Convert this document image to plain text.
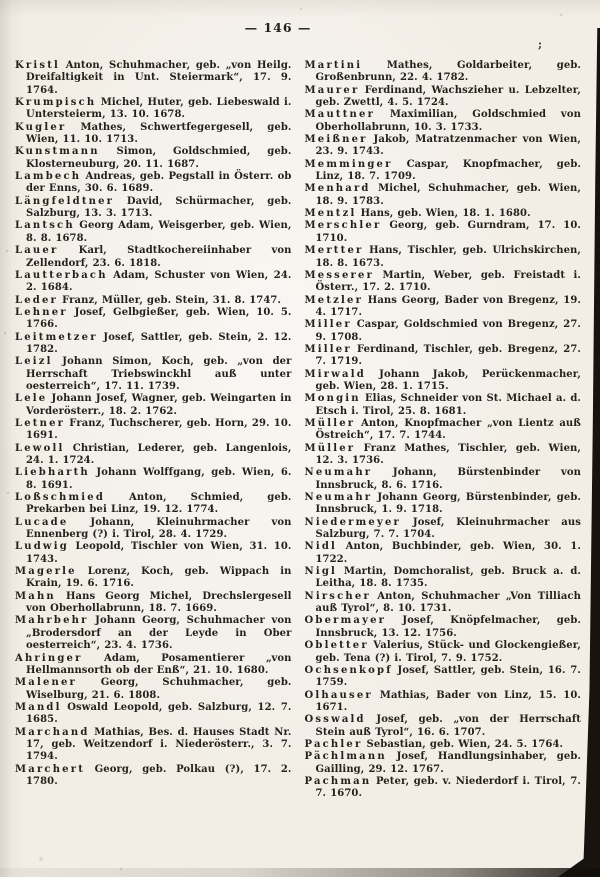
— 146 —

Kristl Anton, Schuhmacher, geb. „von Heilg. Dreifaltigkeit in Unt. Steiermark“, 17. 9. 1764.

Krumpisch Michel, Huter, geb. Liebeswald i. Untersteierm, 13. 10. 1678.

Kugler Mathes, Schwertfegergesell, geb. Wien, 11. 10. 1713.

Kunstmann Simon, Goldschmied, geb. Klosterneuburg, 20. 11. 1687.

Lambech Andreas, geb. Pegstall in Österr. ob der Enns, 30. 6. 1689.

Längfeldtner David, Schürmacher, geb. Salzburg, 13. 3. 1713.

Lantsch Georg Adam, Weisgerber, geb. Wien, 8. 8. 1678.

Lauer Karl, Stadtkochereiinhaber von Zellendorf, 23. 6. 1818.

Lautterbach Adam, Schuster von Wien, 24. 2. 1684.

Leder Franz, Müller, geb. Stein, 31. 8. 1747.

Lehner Josef, Gelbgießer, geb. Wien, 10. 5. 1766.

Leitmetzer Josef, Sattler, geb. Stein, 2. 12. 1782.

Leizl Johann Simon, Koch, geb. „von der Herrschaft Triebswinckhl auß unter oesterreich“, 17. 11. 1739.

Lele Johann Josef, Wagner, geb. Weingarten in Vorderösterr., 18. 2. 1762.

Letner Franz, Tuchscherer, geb. Horn, 29. 10. 1691.

Lewoll Christian, Lederer, geb. Langenlois, 24. 1. 1724.

Liebharth Johann Wolffgang, geb. Wien, 6. 8. 1691.

Loßschmied Anton, Schmied, geb. Prekarben bei Linz, 19. 12. 1774.

Lucade Johann, Kleinuhrmacher von Ennenberg (?) i. Tirol, 28. 4. 1729.

Ludwig Leopold, Tischler von Wien, 31. 10. 1743.

Magerle Lorenz, Koch, geb. Wippach in Krain, 19. 6. 1716.

Mahn Hans Georg Michel, Drechslergesell von Oberhollabrunn, 18. 7. 1669.

Mahrbehr Johann Georg, Schuhmacher von „Brodersdorf an der Leyde in Ober oesterreich“, 23. 4. 1736.

Ahringer Adam, Posamentierer „von Hellmannsorth ob der Enß“, 21. 10. 1680.

Malener Georg, Schuhmacher, geb. Wiselburg, 21. 6. 1808.

Mandl Oswald Leopold, geb. Salzburg, 12. 7. 1685.

Marchand Mathias, Bes. d. Hauses Stadt Nr. 17, geb. Weitzendorf i. Niederösterr., 3. 7. 1794.

Marchert Georg, geb. Polkau (?), 17. 2. 1780.

Martini Mathes, Goldarbeiter, geb. Großenbrunn, 22. 4. 1782.

Maurer Ferdinand, Wachszieher u. Lebzelter, geb. Zwettl, 4. 5. 1724.

Mauttner Maximilian, Goldschmied von Oberhollabrunn, 10. 3. 1733.

Meißner Jakob, Matratzenmacher von Wien, 23. 9. 1743.

Memminger Caspar, Knopfmacher, geb. Linz, 18. 7. 1709.

Menhard Michel, Schuhmacher, geb. Wien, 18. 9. 1783.

Mentzl Hans, geb. Wien, 18. 1. 1680.

Merschler Georg, geb. Gurndram, 17. 10. 1710.

Mertter Hans, Tischler, geb. Ulrichskirchen, 18. 8. 1673.

Messerer Martin, Weber, geb. Freistadt i. Österr., 17. 2. 1710.

Metzler Hans Georg, Bader von Bregenz, 19. 4. 1717.

Miller Caspar, Goldschmied von Bregenz, 27. 9. 1708.

Miller Ferdinand, Tischler, geb. Bregenz, 27. 7. 1719.

Mirwald Johann Jakob, Perückenmacher, geb. Wien, 28. 1. 1715.

Mongin Elias, Schneider von St. Michael a. d. Etsch i. Tirol, 25. 8. 1681.

Müller Anton, Knopfmacher „von Lientz auß Östreich“, 17. 7. 1744.

Müller Franz Mathes, Tischler, geb. Wien, 12. 3. 1736.

Neumahr Johann, Bürstenbinder von Innsbruck, 8. 6. 1716.

Neumahr Johann Georg, Bürstenbinder, geb. Innsbruck, 1. 9. 1718.

Niedermeyer Josef, Kleinuhrmacher aus Salzburg, 7. 7. 1704.

Nidl Anton, Buchbinder, geb. Wien, 30. 1. 1722.

Nigl Martin, Domchoralist, geb. Bruck a. d. Leitha, 18. 8. 1735.

Nirscher Anton, Schuhmacher „Von Tilliach auß Tyrol“, 8. 10. 1731.

Obermayer Josef, Knöpfelmacher, geb. Innsbruck, 13. 12. 1756.

Obletter Valerius, Stück- und Glockengießer, geb. Tena (?) i. Tirol, 7. 9. 1752.

Ochsenkopf Josef, Sattler, geb. Stein, 16. 7. 1759.

Olhauser Mathias, Bader von Linz, 15. 10. 1671.

Osswald Josef, geb. „von der Herrschaft Stein auß Tyrol“, 16. 6. 1707.

Pachler Sebastian, geb. Wien, 24. 5. 1764.

Pächlmann Josef, Handlungsinhaber, geb. Gailling, 29. 12. 1767.

Pachman Peter, geb. v. Niederdorf i. Tirol, 7. 7. 1670.

;
